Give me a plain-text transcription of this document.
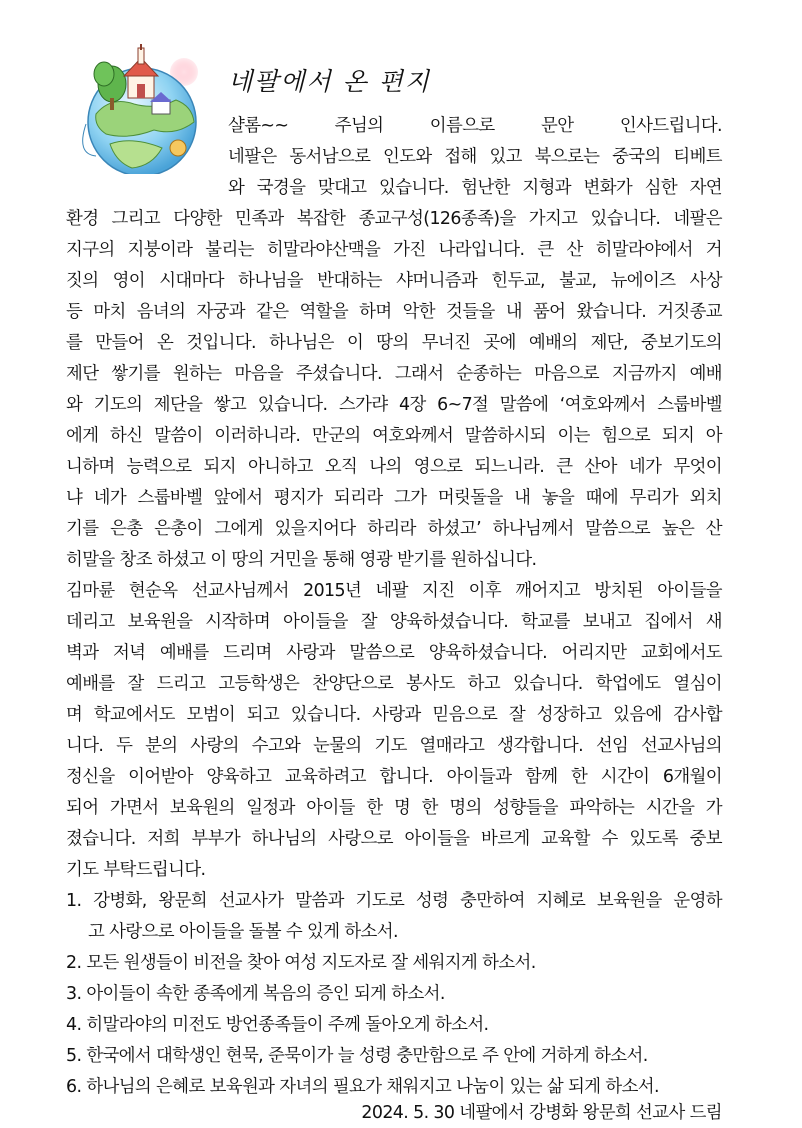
네팔에서 온 편지
샬롬~~ 주님의 이름으로 문안 인사드립니다.
네팔은 동서남으로 인도와 접해 있고 북으로는 중국의 티베트
와 국경을 맞대고 있습니다. 험난한 지형과 변화가 심한 자연
환경 그리고 다양한 민족과 복잡한 종교구성(126종족)을 가지고 있습니다. 네팔은
지구의 지붕이라 불리는 히말라야산맥을 가진 나라입니다. 큰 산 히말라야에서 거
짓의 영이 시대마다 하나님을 반대하는 샤머니즘과 힌두교, 불교, 뉴에이즈 사상
등 마치 음녀의 자궁과 같은 역할을 하며 악한 것들을 내 품어 왔습니다. 거짓종교
를 만들어 온 것입니다. 하나님은 이 땅의 무너진 곳에 예배의 제단, 중보기도의
제단 쌓기를 원하는 마음을 주셨습니다. 그래서 순종하는 마음으로 지금까지 예배
와 기도의 제단을 쌓고 있습니다. 스가랴 4장 6~7절 말씀에 ‘여호와께서 스룹바벨
에게 하신 말씀이 이러하니라. 만군의 여호와께서 말씀하시되 이는 힘으로 되지 아
니하며 능력으로 되지 아니하고 오직 나의 영으로 되느니라. 큰 산아 네가 무엇이
냐 네가 스룹바벨 앞에서 평지가 되리라 그가 머릿돌을 내 놓을 때에 무리가 외치
기를 은총 은총이 그에게 있을지어다 하리라 하셨고’ 하나님께서 말씀으로 높은 산
히말을 창조 하셨고 이 땅의 거민을 통해 영광 받기를 원하십니다.
김마륜 현순옥 선교사님께서 2015년 네팔 지진 이후 깨어지고 방치된 아이들을
데리고 보육원을 시작하며 아이들을 잘 양육하셨습니다. 학교를 보내고 집에서 새
벽과 저녁 예배를 드리며 사랑과 말씀으로 양육하셨습니다. 어리지만 교회에서도
예배를 잘 드리고 고등학생은 찬양단으로 봉사도 하고 있습니다. 학업에도 열심이
며 학교에서도 모범이 되고 있습니다. 사랑과 믿음으로 잘 성장하고 있음에 감사합
니다. 두 분의 사랑의 수고와 눈물의 기도 열매라고 생각합니다. 선임 선교사님의
정신을 이어받아 양육하고 교육하려고 합니다. 아이들과 함께 한 시간이 6개월이
되어 가면서 보육원의 일정과 아이들 한 명 한 명의 성향들을 파악하는 시간을 가
졌습니다. 저희 부부가 하나님의 사랑으로 아이들을 바르게 교육할 수 있도록 중보
기도 부탁드립니다.
1. 강병화, 왕문희 선교사가 말씀과 기도로 성령 충만하여 지혜로 보육원을 운영하
고 사랑으로 아이들을 돌볼 수 있게 하소서.
2. 모든 원생들이 비전을 찾아 여성 지도자로 잘 세워지게 하소서.
3. 아이들이 속한 종족에게 복음의 증인 되게 하소서.
4. 히말라야의 미전도 방언종족들이 주께 돌아오게 하소서.
5. 한국에서 대학생인 현묵, 준묵이가 늘 성령 충만함으로 주 안에 거하게 하소서.
6. 하나님의 은혜로 보육원과 자녀의 필요가 채워지고 나눔이 있는 삶 되게 하소서.
2024. 5. 30 네팔에서 강병화 왕문희 선교사 드림
